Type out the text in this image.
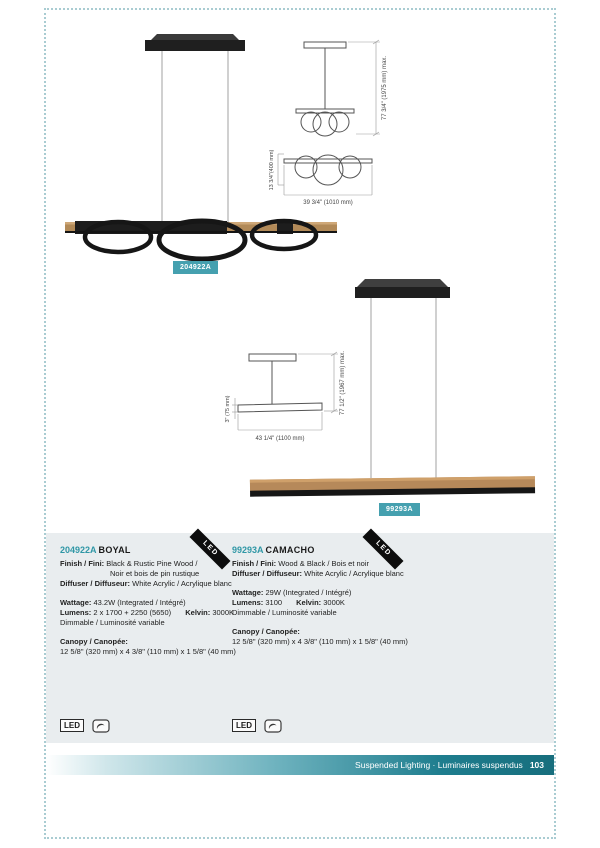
204922A
77 3/4" (1975 mm) max.
13 3/4"(400 mm)
39 3/4" (1010 mm)
3" (75 mm)	77 1/2" (1967 mm) max.
43 1/4" (1100 mm)
99293A
LED	LED
204922A BOYAL
Finish / Fini: Black & Rustic Pine Wood /
Noir et bois de pin rustique
Diffuser / Diffuseur: White Acrylic / Acrylique blanc
Wattage: 43.2W (Integrated / Intégré)
Lumens: 2 x 1700 + 2250 (5650) Kelvin: 3000K
Dimmable / Luminosité variable
Canopy / Canopée:
12 5/8" (320 mm) x 4 3/8" (110 mm) x 1 5/8" (40 mm)
99293A CAMACHO
Finish / Fini: Wood & Black / Bois et noir
Diffuser / Diffuseur: White Acrylic / Acrylique blanc
Wattage: 29W (Integrated / Intégré)
Lumens: 3100 Kelvin: 3000K
Dimmable / Luminosité variable
Canopy / Canopée:
12 5/8" (320 mm) x 4 3/8" (110 mm) x 1 5/8" (40 mm)
LED	LED
Suspended Lighting · Luminaires suspendus 103
